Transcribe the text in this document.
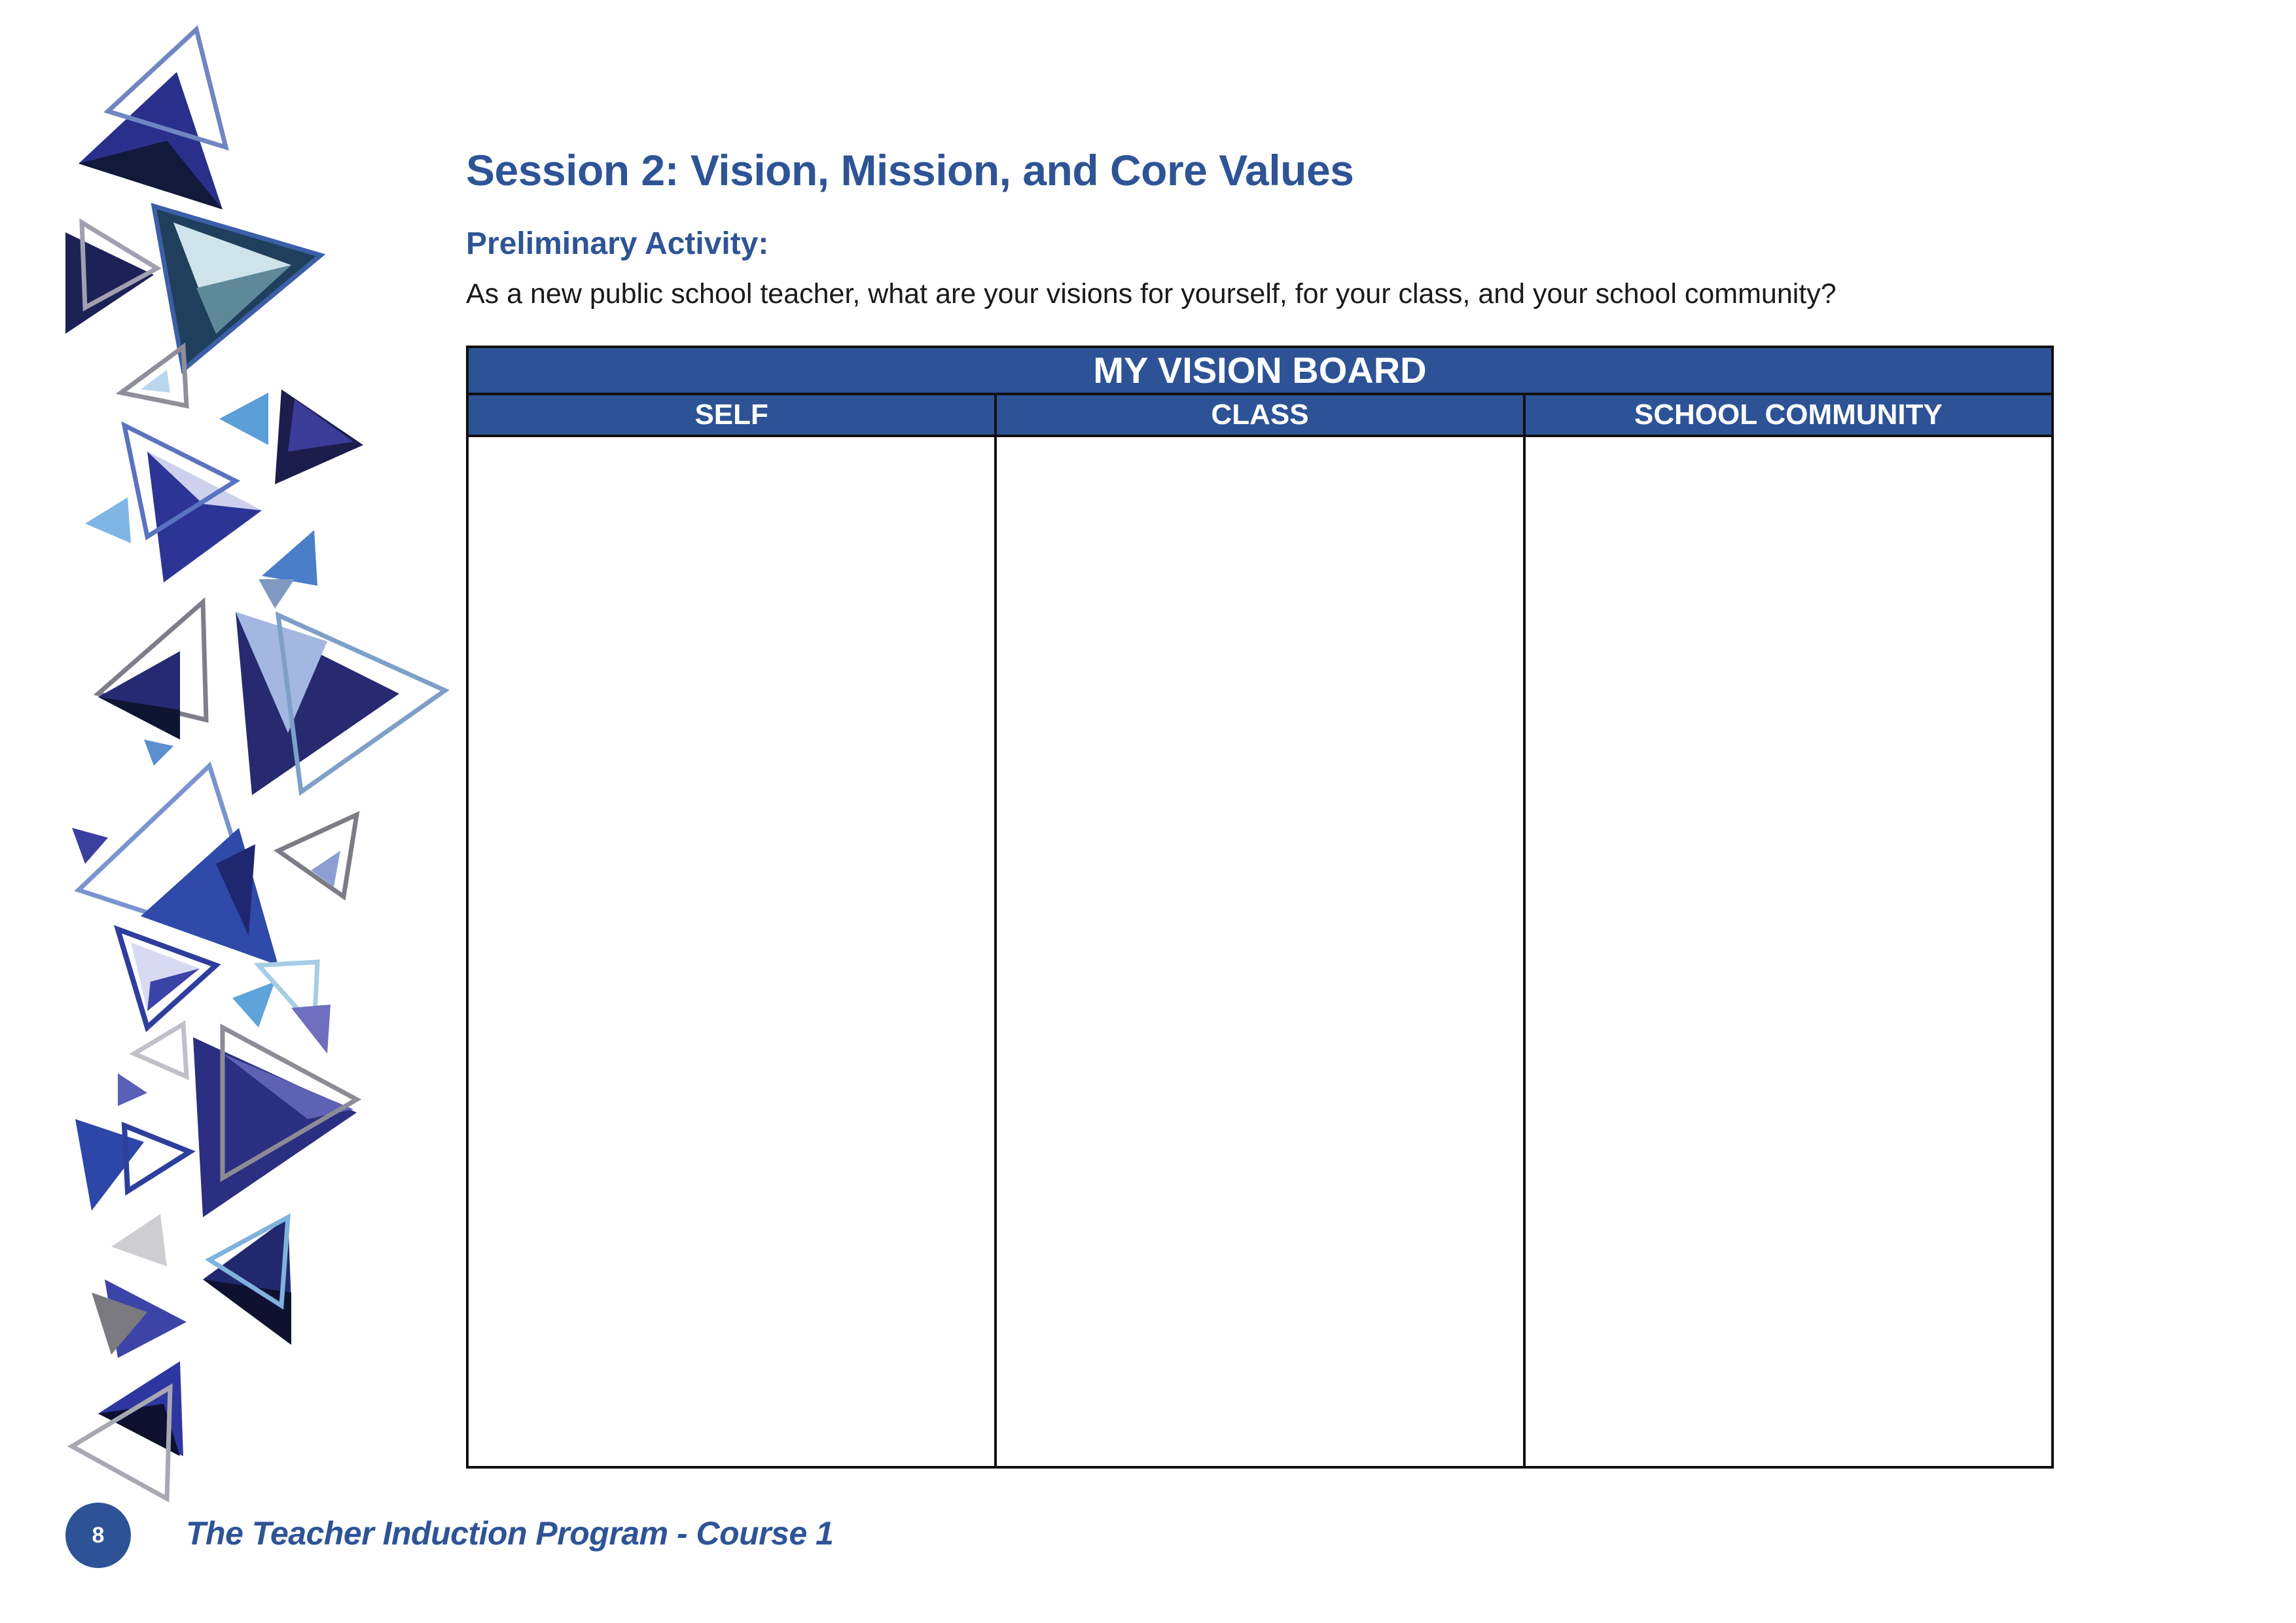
Session 2: Vision, Mission, and Core Values
Preliminary Activity:

As a new public school teacher, what are your visions for yourself, for your class, and your school community?

MY VISION BOARD		
SELF	CLASS	SCHOOL COMMUNITY

8	The Teacher Induction Program - Course 1
